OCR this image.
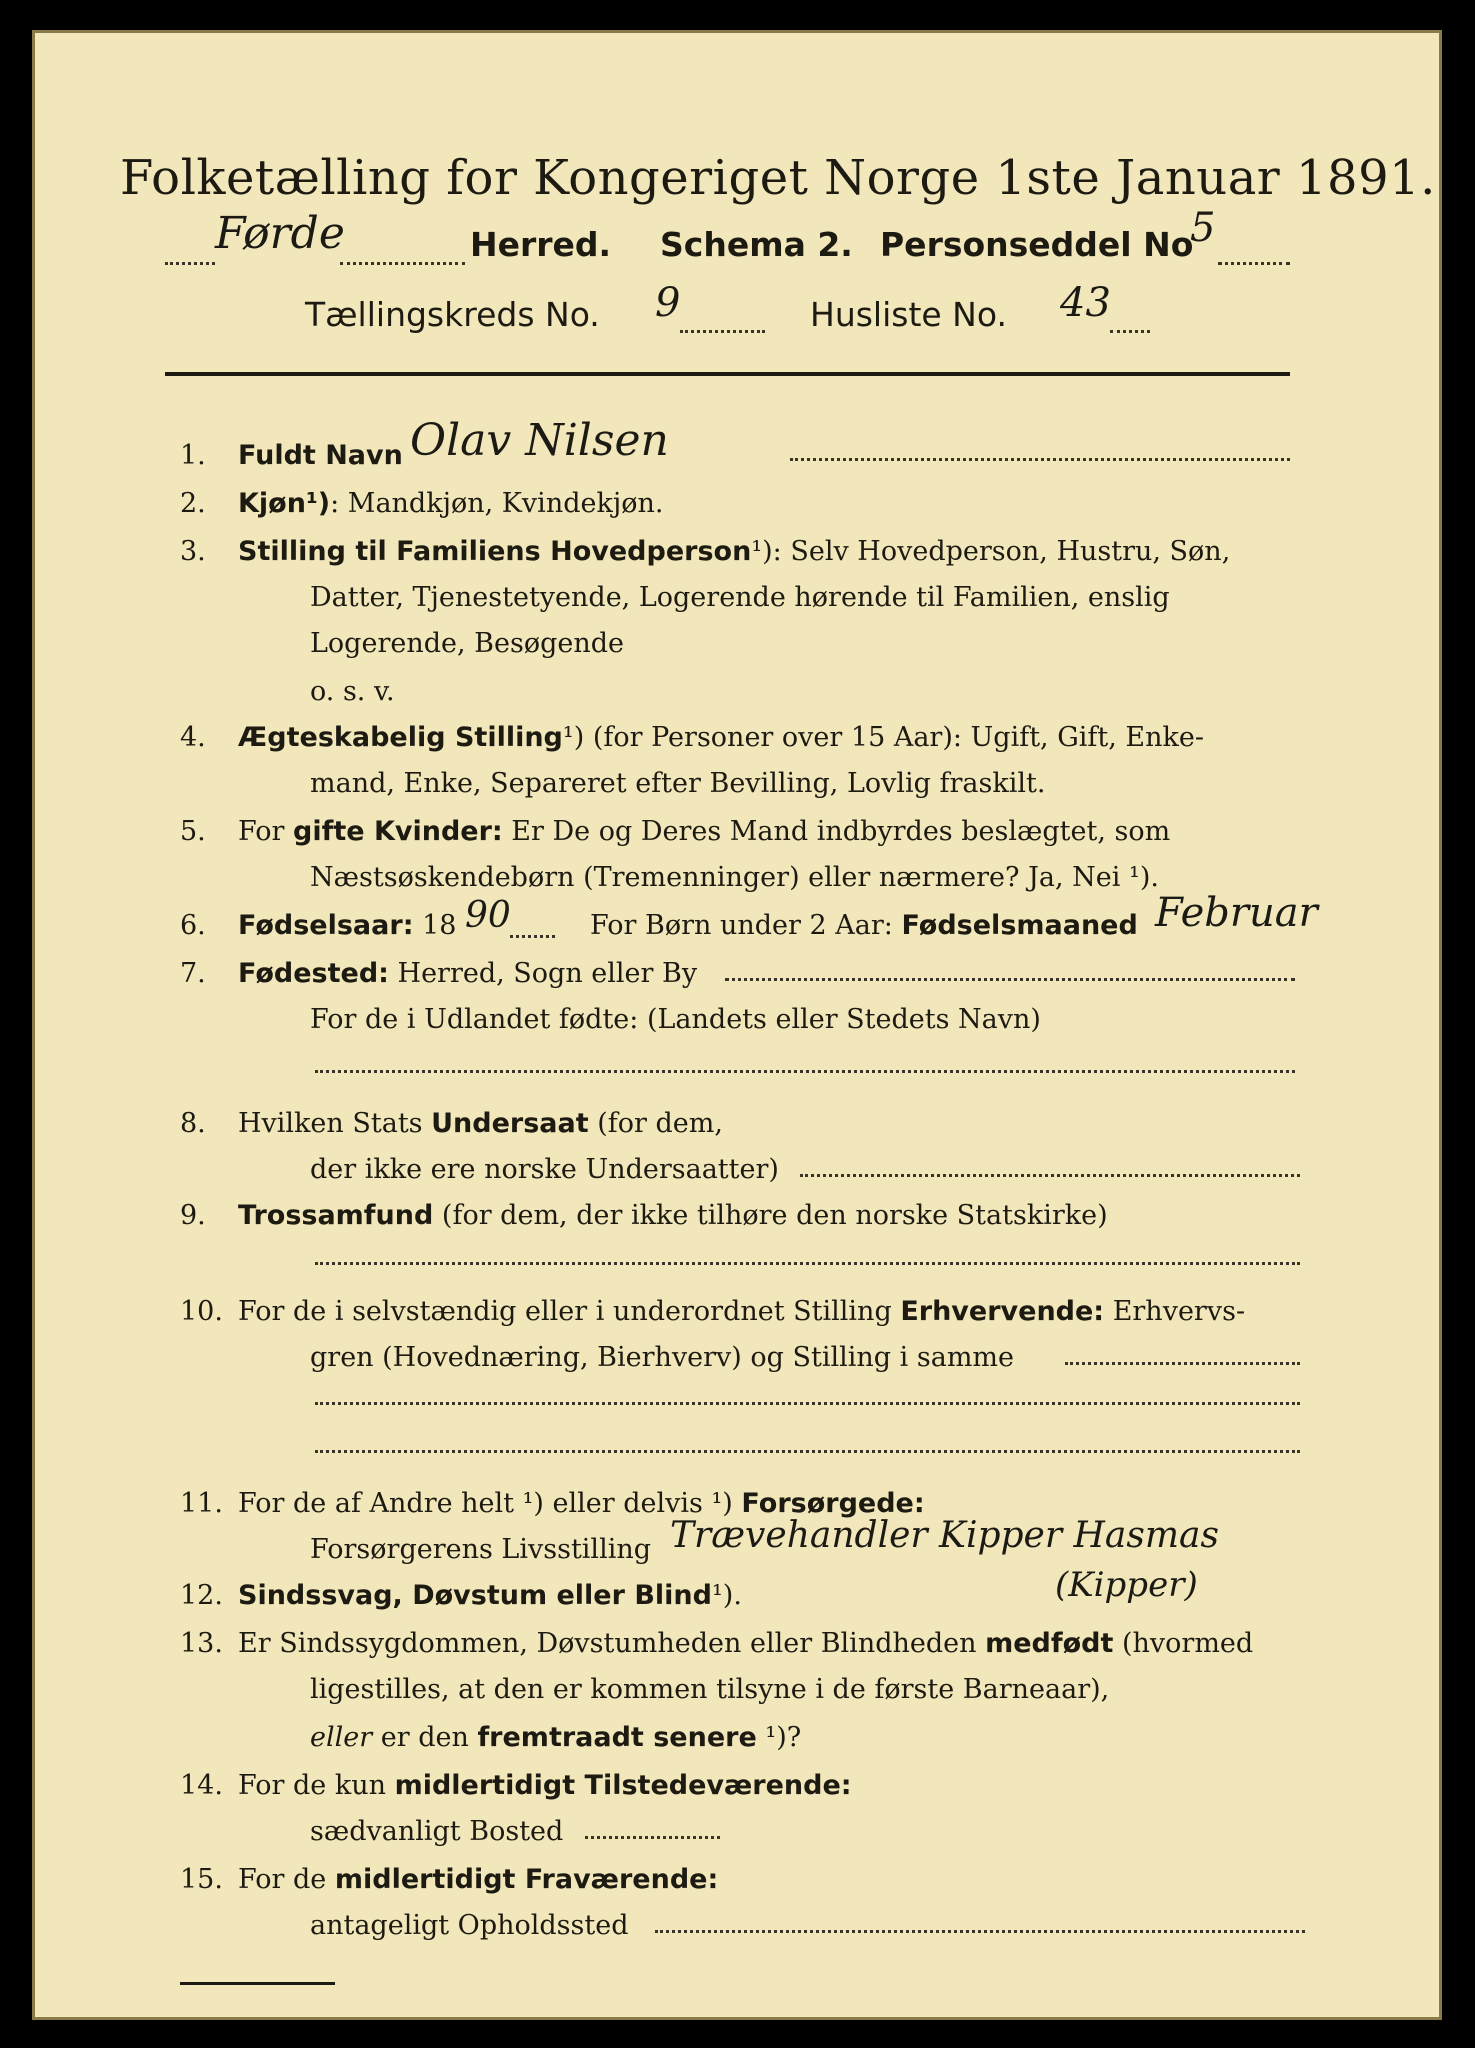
Folketælling for Kongeriget Norge 1ste Januar 1891.
Førde	Herred. Schema 2. Personseddel No
5
Tællingskreds No. 9	Husliste No. 43
1. Fuldt Navn Olav Nilsen
2. Kjøn¹): Mandkjøn, Kvindekjøn.
3. Stilling til Familiens Hovedperson¹): Selv Hovedperson, Hustru, Søn,
Datter, Tjenestetyende, Logerende hørende til Familien, enslig
Logerende, Besøgende
o. s. v.
4. Ægteskabelig Stilling¹) (for Personer over 15 Aar): Ugift, Gift, Enke-
mand, Enke, Separeret efter Bevilling, Lovlig fraskilt.
5. For gifte Kvinder: Er De og Deres Mand indbyrdes beslægtet, som
Næstsøskendebørn (Tremenninger) eller nærmere? Ja, Nei ¹).
6. Fødselsaar: 18 90	For Børn under 2 Aar: Fødselsmaaned Februar
7. Fødested: Herred, Sogn eller By
For de i Udlandet fødte: (Landets eller Stedets Navn)
8. Hvilken Stats Undersaat (for dem,
der ikke ere norske Undersaatter)
9. Trossamfund (for dem, der ikke tilhøre den norske Statskirke)
10. For de i selvstændig eller i underordnet Stilling Erhvervende: Erhvervs-
gren (Hovednæring, Bierhverv) og Stilling i samme
11. For de af Andre helt ¹) eller delvis ¹) Forsørgede:
Forsørgerens Livsstilling Trævehandler Kipper Hasmas
(Kipper)
12. Sindssvag, Døvstum eller Blind¹).
13. Er Sindssygdommen, Døvstumheden eller Blindheden medfødt (hvormed
ligestilles, at den er kommen tilsyne i de første Barneaar),
eller er den fremtraadt senere ¹)?
14. For de kun midlertidigt Tilstedeværende:
sædvanligt Bosted
15. For de midlertidigt Fraværende:
antageligt Opholdssted
